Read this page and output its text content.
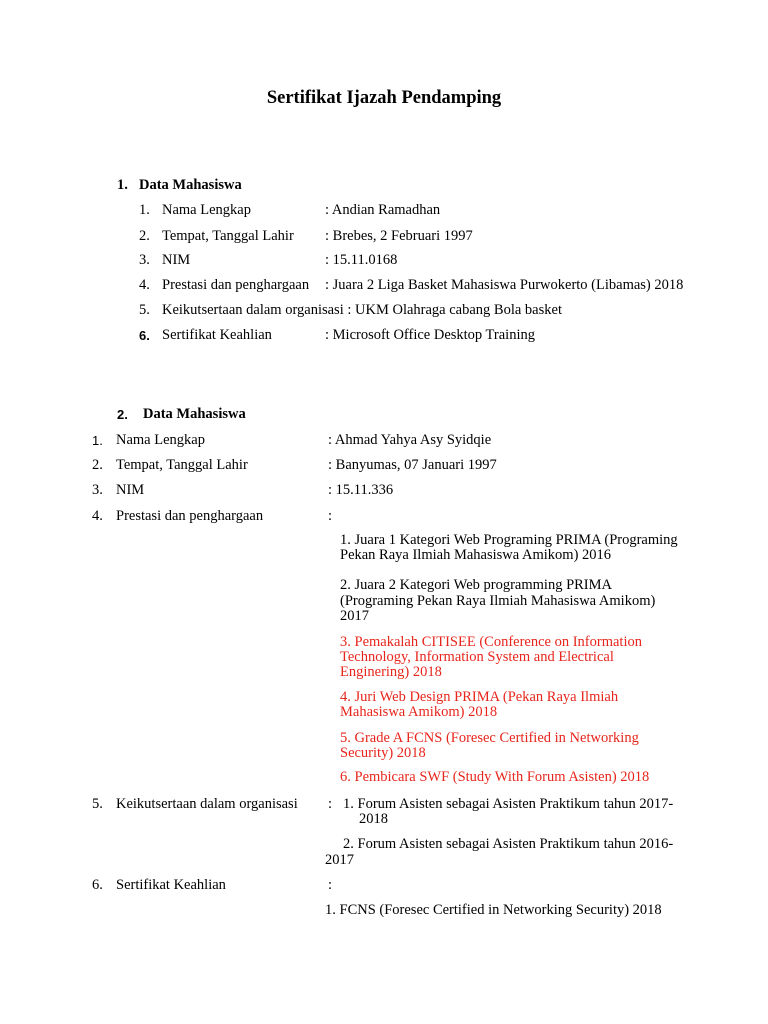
Sertifikat Ijazah Pendamping
1. Data Mahasiswa
1. Nama Lengkap	: Andian Ramadhan
2. Tempat, Tanggal Lahir : Brebes, 2 Februari 1997
3. NIM	: 15.11.0168
4. Prestasi dan penghargaan : Juara 2 Liga Basket Mahasiswa Purwokerto (Libamas) 2018
5. Keikutsertaan dalam organisasi : UKM Olahraga cabang Bola basket
6. Sertifikat Keahlian	: Microsoft Office Desktop Training
2. Data Mahasiswa
1. Nama Lengkap	: Ahmad Yahya Asy Syidqie
2. Tempat, Tanggal Lahir	: Banyumas, 07 Januari 1997
3. NIM	: 15.11.336
4. Prestasi dan penghargaan	:
1. Juara 1 Kategori Web Programing PRIMA (Programing
Pekan Raya Ilmiah Mahasiswa Amikom) 2016
2. Juara 2 Kategori Web programming PRIMA
(Programing Pekan Raya Ilmiah Mahasiswa Amikom)
2017
3. Pemakalah CITISEE (Conference on Information
Technology, Information System and Electrical
Enginering) 2018
4. Juri Web Design PRIMA (Pekan Raya Ilmiah
Mahasiswa Amikom) 2018
5. Grade A FCNS (Foresec Certified in Networking
Security) 2018
6. Pembicara SWF (Study With Forum Asisten) 2018
5. Keikutsertaan dalam organisasi : 1. Forum Asisten sebagai Asisten Praktikum tahun 2017-
2018
2. Forum Asisten sebagai Asisten Praktikum tahun 2016-
2017
6. Sertifikat Keahlian	:
1. FCNS (Foresec Certified in Networking Security) 2018
